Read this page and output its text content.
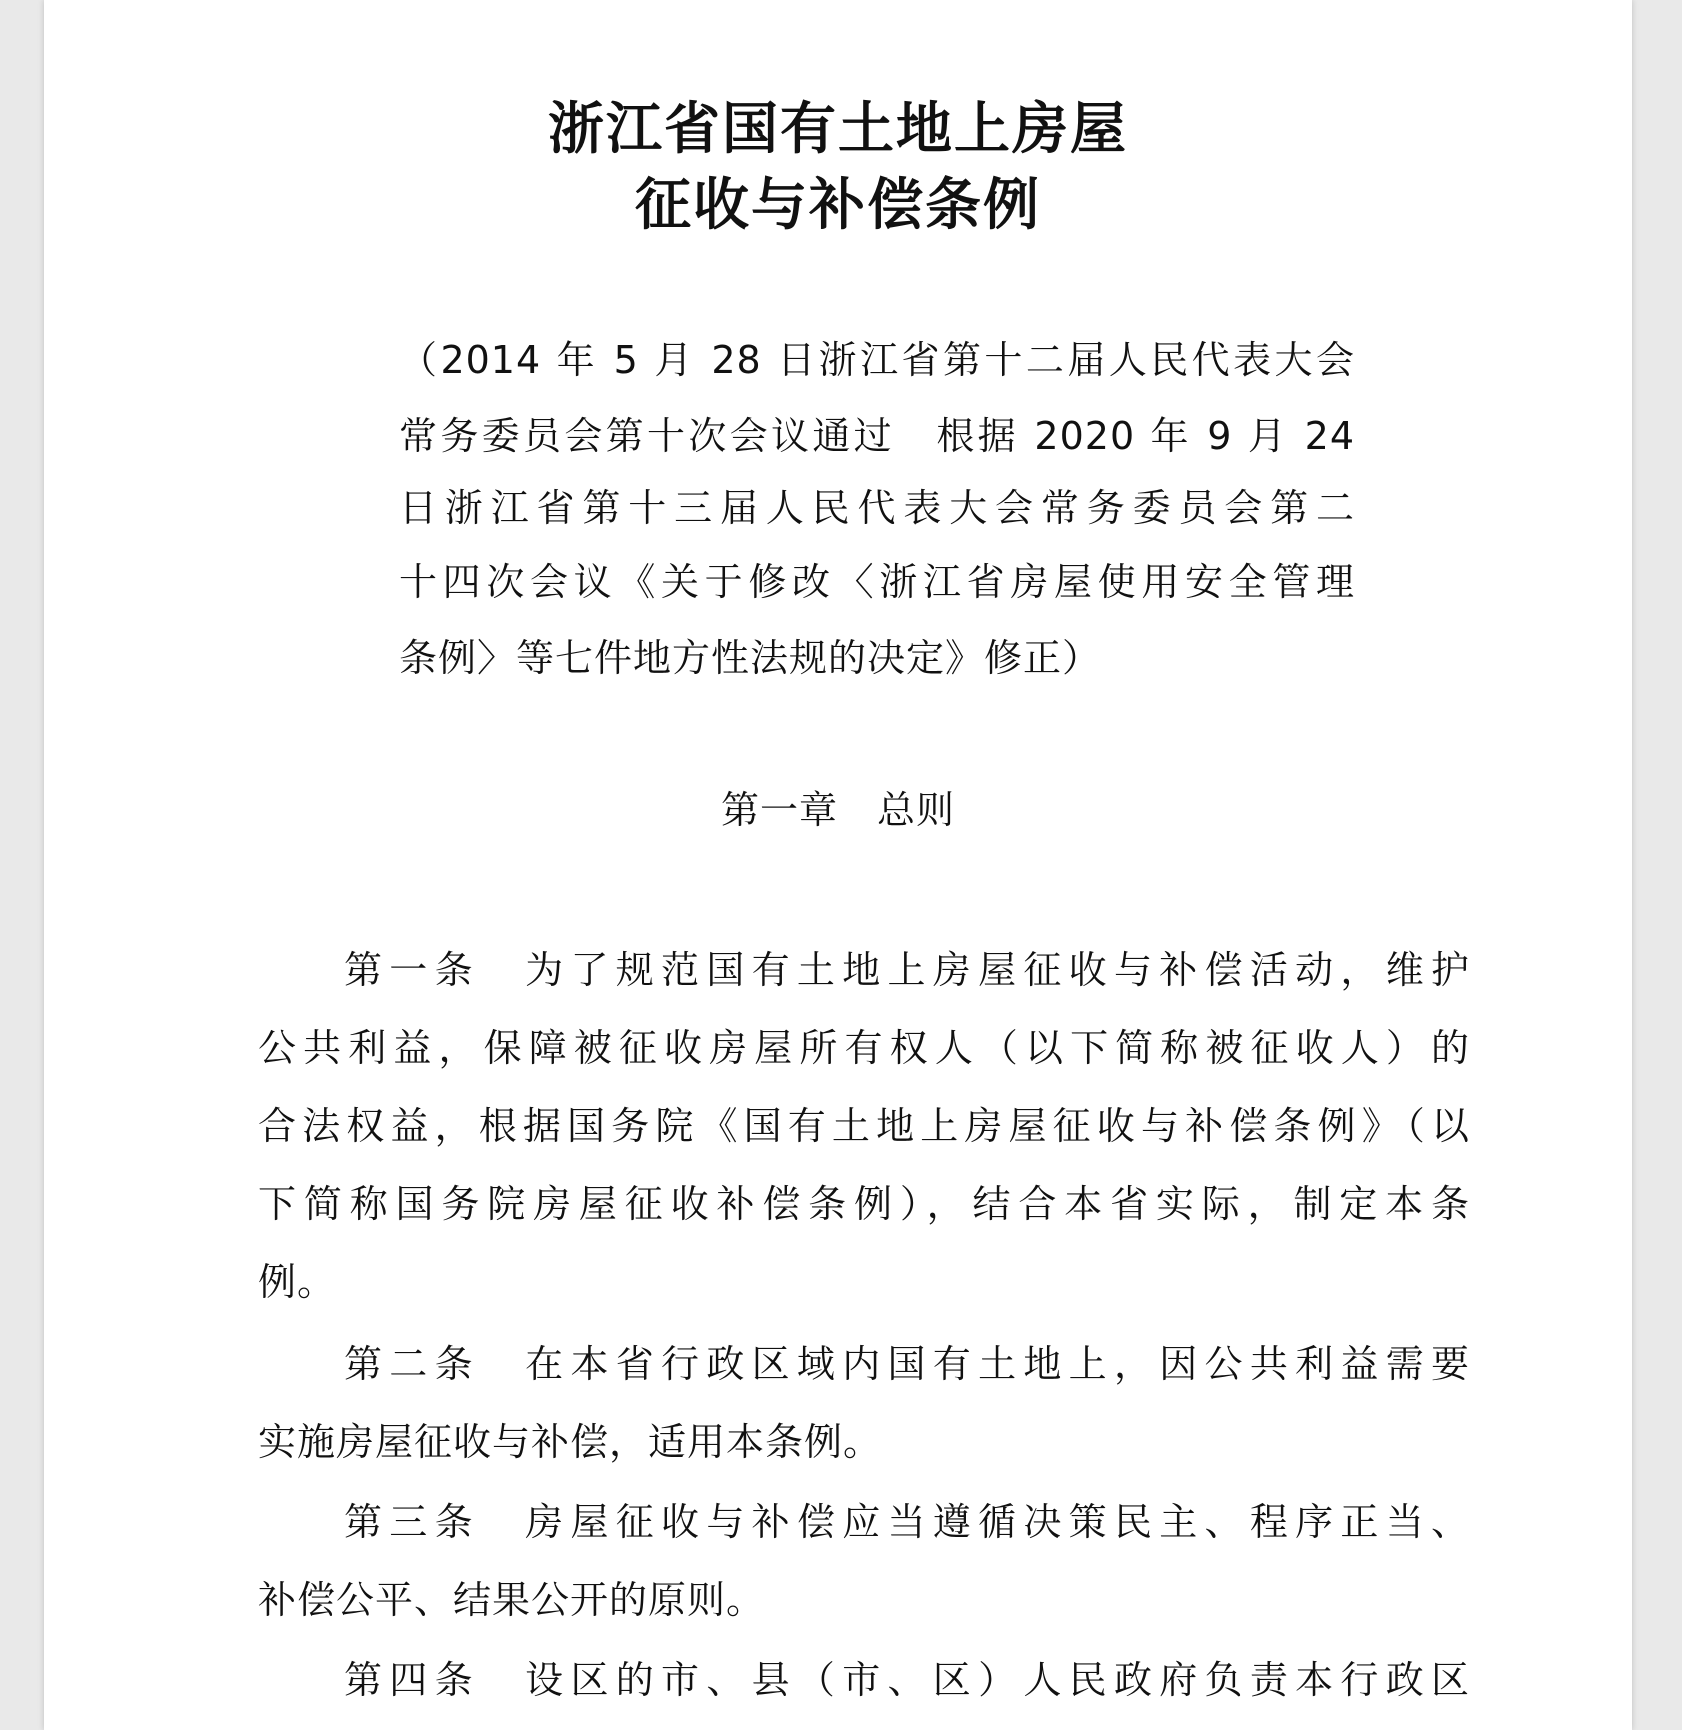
浙江省国有土地上房屋
征收与补偿条例
（2014 年 5 月 28 日浙江省第十二届人民代表大会
常务委员会第十次会议通过　根据 2020 年 9 月 24
日浙江省第十三届人民代表大会常务委员会第二
十四次会议《关于修改〈浙江省房屋使用安全管理
条例〉等七件地方性法规的决定》修正）
第一章　总则
第一条　为了规范国有土地上房屋征收与补偿活动，维护
公共利益，保障被征收房屋所有权人（以下简称被征收人）的
合法权益，根据国务院《国有土地上房屋征收与补偿条例》（以
下简称国务院房屋征收补偿条例），结合本省实际，制定本条
例。
第二条　在本省行政区域内国有土地上，因公共利益需要
实施房屋征收与补偿，适用本条例。
第三条　房屋征收与补偿应当遵循决策民主、程序正当、
补偿公平、结果公开的原则。
第四条　设区的市、县（市、区）人民政府负责本行政区
